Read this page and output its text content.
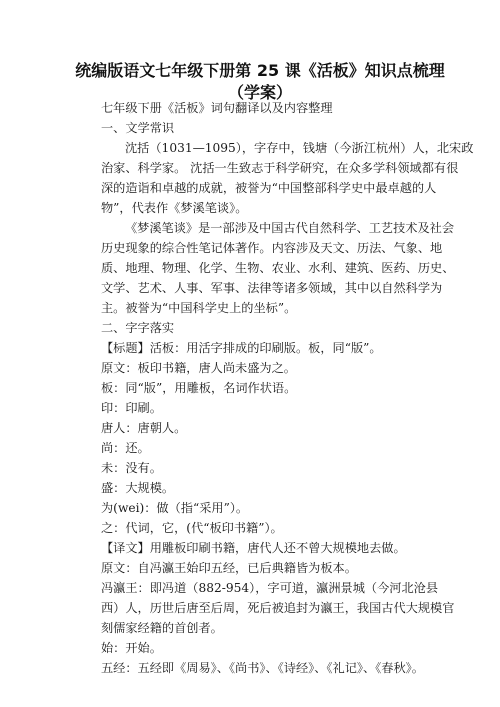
统编版语文七年级下册第 25 课《活板》知识点梳理
（学案）
七年级下册《活板》词句翻译以及内容整理
一、文学常识
沈括（1031—1095），字存中，钱塘（今浙江杭州）人，北宋政
治家、科学家。 沈括一生致志于科学研究，在众多学科领域都有很
深的造诣和卓越的成就，被誉为“中国整部科学史中最卓越的人
物”，代表作《梦溪笔谈》。
《梦溪笔谈》是一部涉及中国古代自然科学、工艺技术及社会
历史现象的综合性笔记体著作。内容涉及天文、历法、气象、地
质、地理、物理、化学、生物、农业、水利、建筑、医药、历史、
文学、艺术、人事、军事、法律等诸多领域，其中以自然科学为
主。被誉为“中国科学史上的坐标”。
二、字字落实
【标题】活板：用活字排成的印刷版。板，同“版”。
原文：板印书籍，唐人尚未盛为之。
板：同“版”，用雕板，名词作状语。
印：印刷。
唐人：唐朝人。
尚：还。
未：没有。
盛：大规模。
为(wei)：做（指“采用”）。
之：代词，它，(代“板印书籍”）。
【译文】用雕板印刷书籍，唐代人还不曾大规模地去做。
原文：自冯瀛王始印五经，已后典籍皆为板本。
冯瀛王：即冯道（882-954），字可道，瀛洲景城（今河北沧县
西）人，历世后唐至后周，死后被追封为瀛王，我国古代大规模官
刻儒家经籍的首创者。
始：开始。
五经：五经即《周易》、《尚书》、《诗经》、《礼记》、《春秋》。
